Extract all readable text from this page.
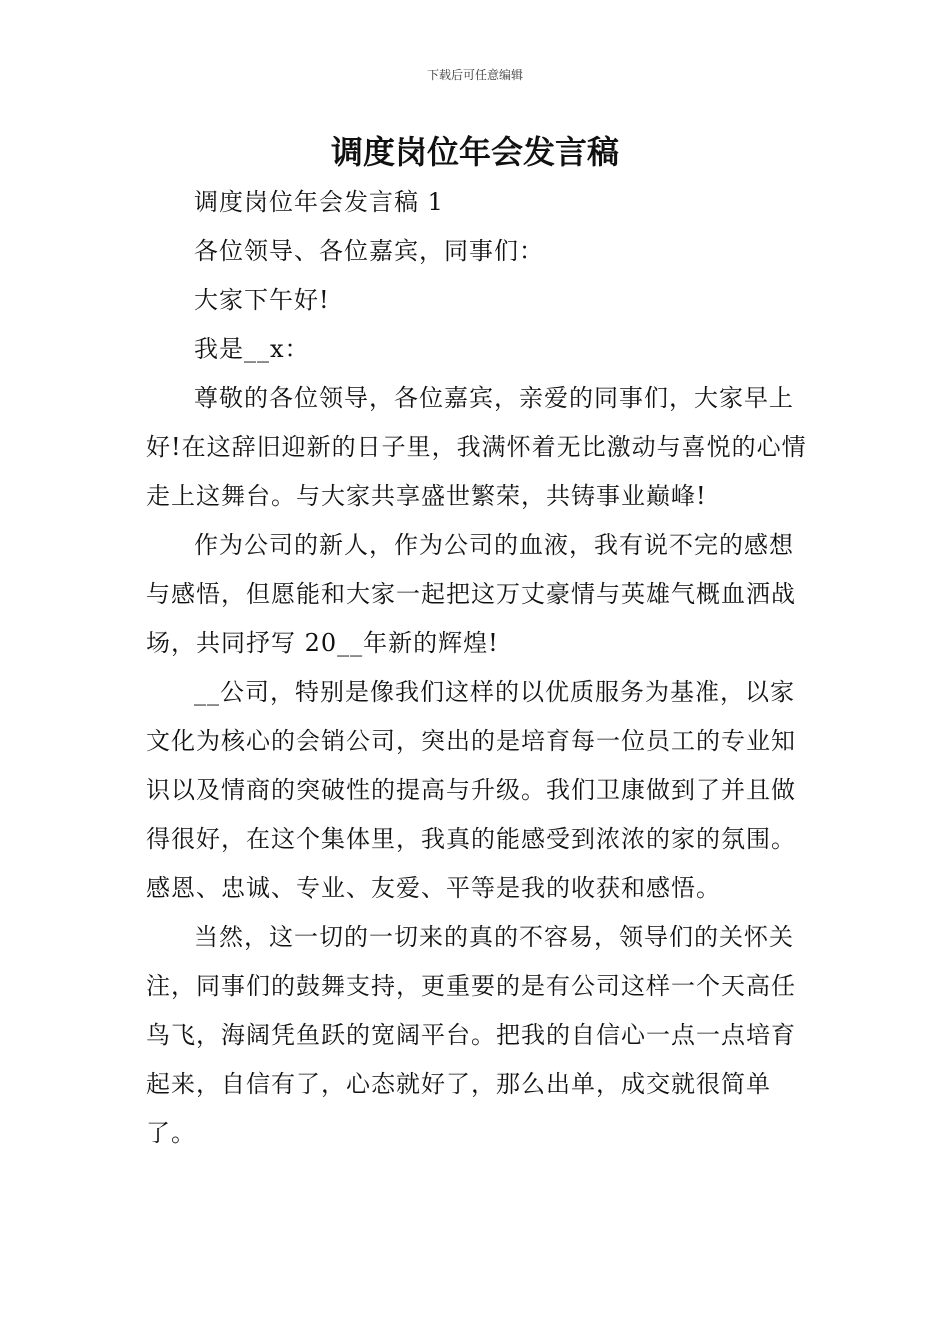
下载后可任意编辑
调度岗位年会发言稿

调度岗位年会发言稿 1

各位领导、各位嘉宾，同事们：

大家下午好!

我是__x：

尊敬的各位领导，各位嘉宾，亲爱的同事们，大家早上好!在这辞旧迎新的日子里，我满怀着无比激动与喜悦的心情走上这舞台。与大家共享盛世繁荣，共铸事业巅峰!

作为公司的新人，作为公司的血液，我有说不完的感想与感悟，但愿能和大家一起把这万丈豪情与英雄气概血洒战场，共同抒写 20__年新的辉煌!

__公司，特别是像我们这样的以优质服务为基准，以家文化为核心的会销公司，突出的是培育每一位员工的专业知识以及情商的突破性的提高与升级。我们卫康做到了并且做得很好，在这个集体里，我真的能感受到浓浓的家的氛围。感恩、忠诚、专业、友爱、平等是我的收获和感悟。

当然，这一切的一切来的真的不容易，领导们的关怀关注，同事们的鼓舞支持，更重要的是有公司这样一个天高任鸟飞，海阔凭鱼跃的宽阔平台。把我的自信心一点一点培育起来，自信有了，心态就好了，那么出单，成交就很简单了。
